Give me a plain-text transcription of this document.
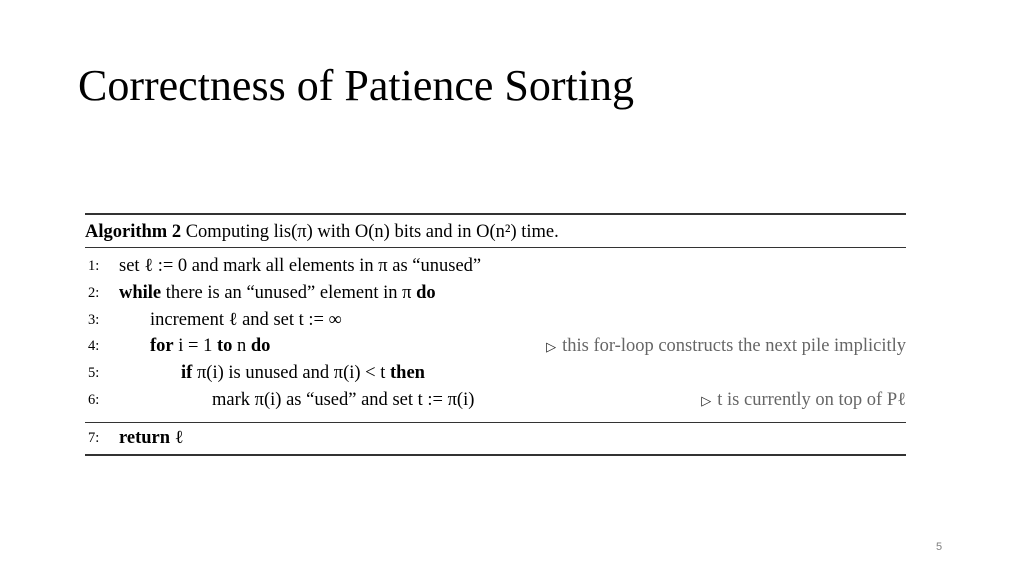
Correctness of Patience Sorting
Algorithm 2 Computing lis(π) with O(n) bits and in O(n²) time.
1: set ℓ := 0 and mark all elements in π as “unused”
2: while there is an “unused” element in π do
3:	increment ℓ and set t := ∞
4:	for i = 1 to n do	▷ this for-loop constructs the next pile implicitly
5:	if π(i) is unused and π(i) < t then
6:	mark π(i) as “used” and set t := π(i)	▷ t is currently on top of Pℓ
7: return ℓ
5
